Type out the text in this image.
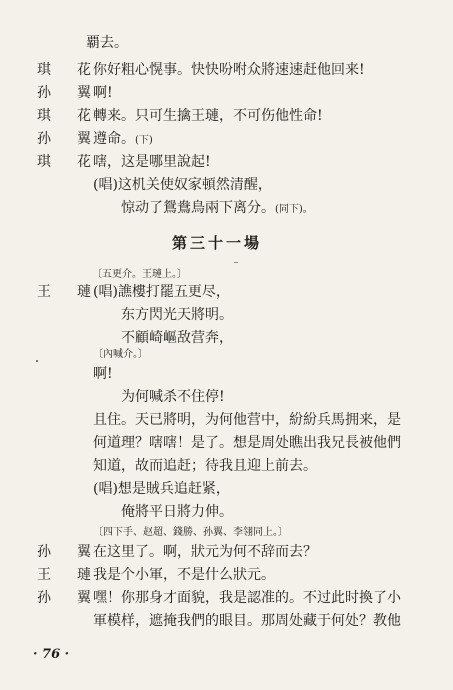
覇去。
琪　花
你好粗心愰事。快快吩咐众將速速赶他回来!
孙　翼
啊!
琪　花
轉来。只可生擒王璉，不可伤他性命!
孙　翼
遵命。(下)
琪　花
嗐，这是哪里說起!
(唱)这机关使奴家頓然清醒，
惊动了鴛鴦鳥兩下离分。(同下)。
第三十一場
〔五更介。王璉上。〕
王　璉
(唱)譙樓打罷五更尽，
东方閃光天將明。
不顧崎嶇敌营奔，
〔內喊介。〕
啊!
为何喊杀不住停!
且住。天已將明，为何他营中，紛紛兵馬拥来，是
何道理？嗐嗐！是了。想是周处瞧出我兄長被他們
知道，故而追赶；待我且迎上前去。
(唱)想是賊兵追赶紧，
俺將平日將力伸。
〔四下手、赵超、錢勝、孙翼、李翎同上。〕
孙　翼
在这里了。啊，狀元为何不辞而去？
王　璉
我是个小軍，不是什么狀元。
孙　翼
嘿！你那身才面貌，我是認准的。不过此时換了小
軍模样，遮掩我們的眼目。那周处藏于何处？教他
· 76 ·
